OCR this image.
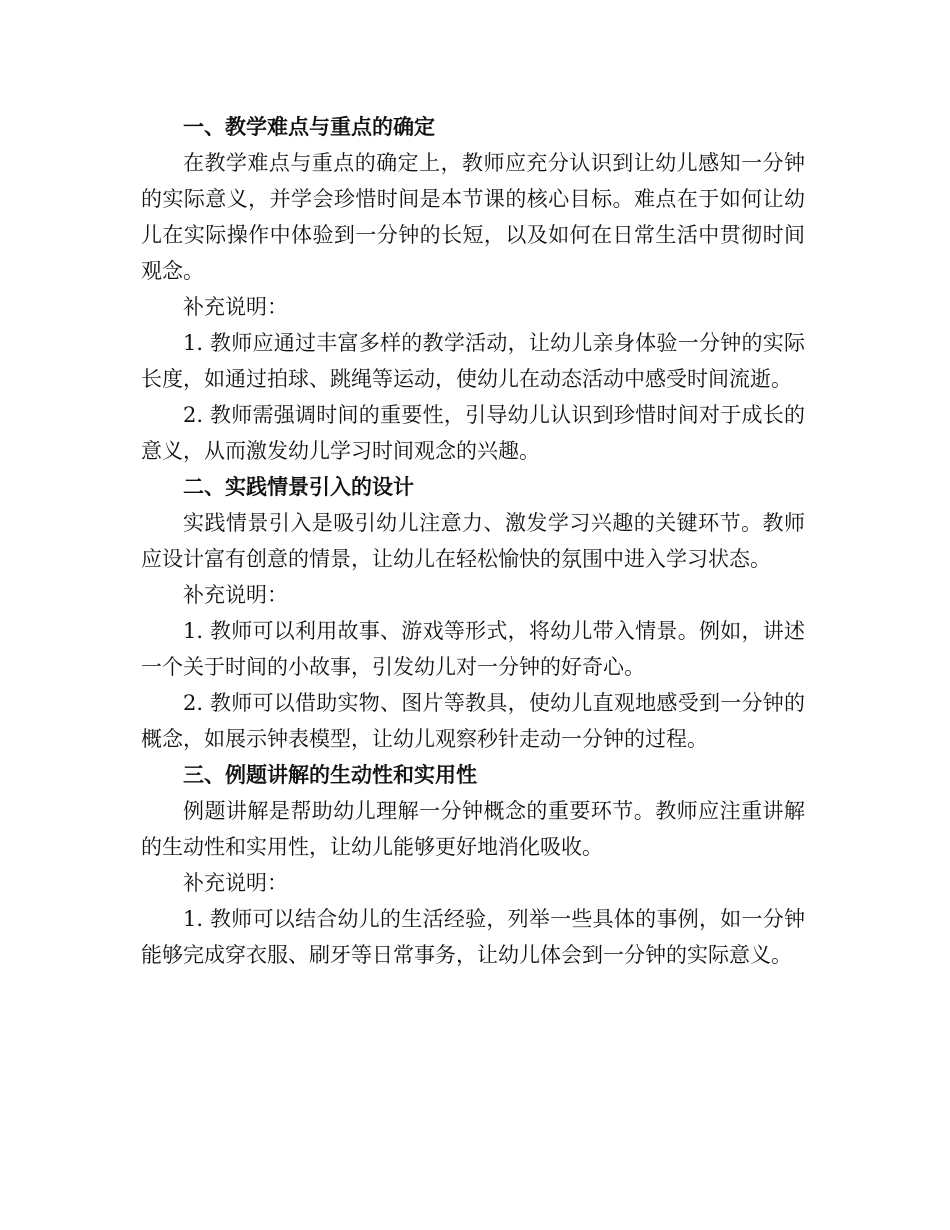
一、教学难点与重点的确定

在教学难点与重点的确定上，教师应充分认识到让幼儿感知一分钟的实际意义，并学会珍惜时间是本节课的核心目标。难点在于如何让幼儿在实际操作中体验到一分钟的长短，以及如何在日常生活中贯彻时间观念。

补充说明：

1. 教师应通过丰富多样的教学活动，让幼儿亲身体验一分钟的实际长度，如通过拍球、跳绳等运动，使幼儿在动态活动中感受时间流逝。

2. 教师需强调时间的重要性，引导幼儿认识到珍惜时间对于成长的意义，从而激发幼儿学习时间观念的兴趣。

二、实践情景引入的设计

实践情景引入是吸引幼儿注意力、激发学习兴趣的关键环节。教师应设计富有创意的情景，让幼儿在轻松愉快的氛围中进入学习状态。

补充说明：

1. 教师可以利用故事、游戏等形式，将幼儿带入情景。例如，讲述一个关于时间的小故事，引发幼儿对一分钟的好奇心。

2. 教师可以借助实物、图片等教具，使幼儿直观地感受到一分钟的概念，如展示钟表模型，让幼儿观察秒针走动一分钟的过程。

三、例题讲解的生动性和实用性

例题讲解是帮助幼儿理解一分钟概念的重要环节。教师应注重讲解的生动性和实用性，让幼儿能够更好地消化吸收。

补充说明：

1. 教师可以结合幼儿的生活经验，列举一些具体的事例，如一分钟能够完成穿衣服、刷牙等日常事务，让幼儿体会到一分钟的实际意义。
